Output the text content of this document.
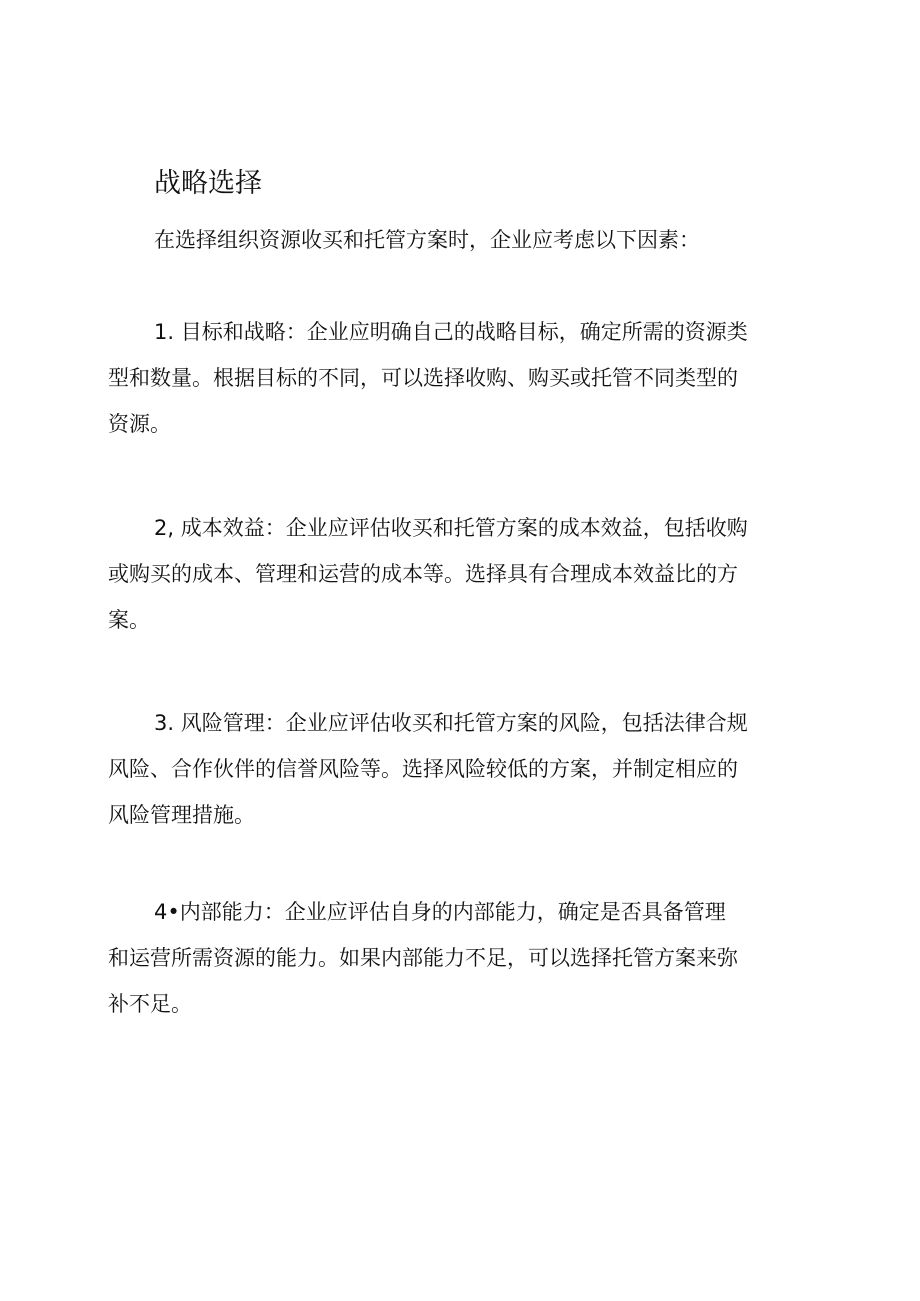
战略选择

在选择组织资源收买和托管方案时，企业应考虑以下因素：

1. 目标和战略：企业应明确自己的战略目标，确定所需的资源类
型和数量。根据目标的不同，可以选择收购、购买或托管不同类型的
资源。

2, 成本效益：企业应评估收买和托管方案的成本效益，包括收购
或购买的成本、管理和运营的成本等。选择具有合理成本效益比的方
案。

3. 风险管理：企业应评估收买和托管方案的风险，包括法律合规
风险、合作伙伴的信誉风险等。选择风险较低的方案，并制定相应的
风险管理措施。

4•内部能力：企业应评估自身的内部能力，确定是否具备管理
和运营所需资源的能力。如果内部能力不足，可以选择托管方案来弥
补不足。
